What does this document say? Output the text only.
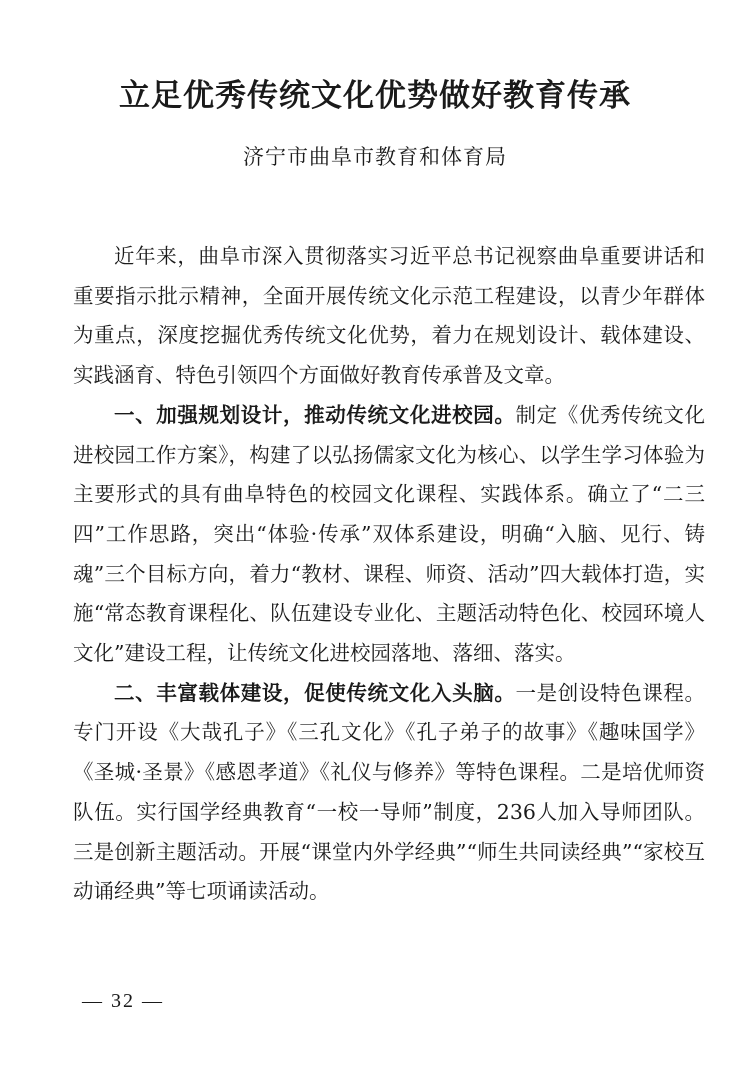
立足优秀传统文化优势做好教育传承
济宁市曲阜市教育和体育局

近年来，曲阜市深入贯彻落实习近平总书记视察曲阜重要讲话和重要指示批示精神，全面开展传统文化示范工程建设，以青少年群体为重点，深度挖掘优秀传统文化优势，着力在规划设计、载体建设、实践涵育、特色引领四个方面做好教育传承普及文章。

一、加强规划设计，推动传统文化进校园。制定《优秀传统文化进校园工作方案》，构建了以弘扬儒家文化为核心、以学生学习体验为主要形式的具有曲阜特色的校园文化课程、实践体系。确立了“二三四”工作思路，突出“体验·传承”双体系建设，明确“入脑、见行、铸魂”三个目标方向，着力“教材、课程、师资、活动”四大载体打造，实施“常态教育课程化、队伍建设专业化、主题活动特色化、校园环境人文化”建设工程，让传统文化进校园落地、落细、落实。

二、丰富载体建设，促使传统文化入头脑。一是创设特色课程。专门开设《大哉孔子》《三孔文化》《孔子弟子的故事》《趣味国学》《圣城·圣景》《感恩孝道》《礼仪与修养》等特色课程。二是培优师资队伍。实行国学经典教育“一校一导师”制度，236人加入导师团队。三是创新主题活动。开展“课堂内外学经典”“师生共同读经典”“家校互动诵经典”等七项诵读活动。

— 32 —
